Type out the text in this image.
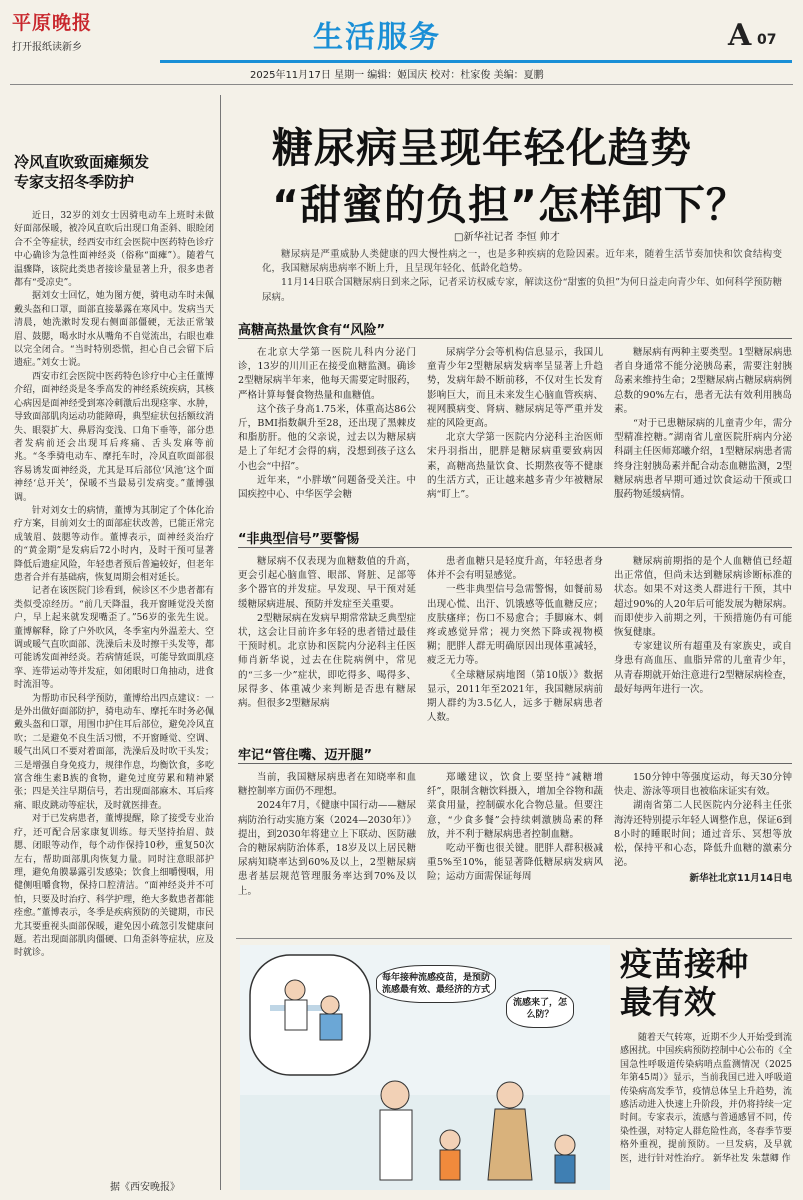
平原晚报
打开报纸读新乡	生活服务	A 07
2025年11月17日 星期一 编辑：姬国庆 校对：杜家俊 美编：夏鹏
冷风直吹致面瘫频发
专家支招冬季防护

近日，32岁的刘女士因骑电动车上班时未做好面部保暖，被冷风直吹后出现口角歪斜、眼睑闭合不全等症状，经西安市红会医院中医药特色诊疗中心确诊为急性面神经炎（俗称“面瘫”）。随着气温骤降，该院此类患者接诊量显著上升，很多患者都有“受凉史”。

据刘女士回忆，她为图方便，骑电动车时未佩戴头盔和口罩，面部直接暴露在寒风中。发病当天清晨，她洗漱时发现右侧面部僵硬，无法正常皱眉、鼓腮，喝水时水从嘴角不自觉流出，右眼也难以完全闭合。“当时特别恐慌，担心自己会留下后遗症。”刘女士说。

西安市红会医院中医药特色诊疗中心主任董博介绍，面神经炎是冬季高发的神经系统疾病，其核心病因是面神经受到寒冷刺激后出现痉挛、水肿，导致面部肌肉运动功能障碍，典型症状包括额纹消失、眼裂扩大、鼻唇沟变浅、口角下垂等，部分患者发病前还会出现耳后疼痛、舌头发麻等前兆。“冬季骑电动车、摩托车时，冷风直吹面部很容易诱发面神经炎，尤其是耳后部位‘风池’这个面神经‘总开关’，保暖不当最易引发病变。”董博强调。

针对刘女士的病情，董博为其制定了个体化治疗方案，目前刘女士的面部症状改善，已能正常完成皱眉、鼓腮等动作。董博表示，面神经炎治疗的“黄金期”是发病后72小时内，及时干预可显著降低后遗症风险，年轻患者预后普遍较好，但老年患者合并有基础病，恢复周期会相对延长。

记者在该医院门诊看到，候诊区不少患者都有类似受凉经历。“前几天降温，我开窗睡觉没关窗户，早上起来就发现嘴歪了。”56岁的张先生说。董博解释，除了户外吹风，冬季室内外温差大、空调或暖气直吹面部、洗澡后未及时擦干头发等，都可能诱发面神经炎。若病情延误，可能导致面肌痉挛、连带运动等并发症，如闭眼时口角抽动，进食时流泪等。

为帮助市民科学预防，董博给出四点建议：一是外出做好面部防护，骑电动车、摩托车时务必佩戴头盔和口罩，用围巾护住耳后部位，避免冷风直吹；二是避免不良生活习惯，不开窗睡觉、空调、暖气出风口不要对着面部，洗澡后及时吹干头发；三是增强自身免疫力，规律作息，均衡饮食，多吃富含维生素B族的食物，避免过度劳累和精神紧张；四是关注早期信号，若出现面部麻木、耳后疼痛、眼皮跳动等症状，及时就医排查。

对于已发病患者，董博提醒，除了接受专业治疗，还可配合居家康复训练。每天坚持抬眉、鼓腮、闭眼等动作，每个动作保持10秒，重复50次左右，帮助面部肌肉恢复力量。同时注意眼部护理，避免角膜暴露引发感染；饮食上细嚼慢咽，用健侧咀嚼食物，保持口腔清洁。“面神经炎并不可怕，只要及时治疗、科学护理，绝大多数患者都能痊愈。”董博表示，冬季是疾病预防的关键期，市民尤其要重视头面部保暖，避免因小疏忽引发健康问题。若出现面部肌肉僵硬、口角歪斜等症状，应及时就诊。

据《西安晚报》
糖尿病呈现年轻化趋势
“甜蜜的负担”怎样卸下？
□新华社记者 李恒 帅才

糖尿病是严重威胁人类健康的四大慢性病之一，也是多种疾病的危险因素。近年来，随着生活节奏加快和饮食结构变化，我国糖尿病患病率不断上升，且呈现年轻化、低龄化趋势。

11月14日联合国糖尿病日到来之际，记者采访权威专家，解读这份“甜蜜的负担”为何日益走向青少年、如何科学预防糖尿病。

高糖高热量饮食有“风险”

在北京大学第一医院儿科内分泌门诊，13岁的川川正在接受血糖监测。确诊2型糖尿病半年来，他每天需要定时服药，严格计算每餐食物热量和血糖值。

这个孩子身高1.75米，体重高达86公斤，BMI指数飙升至28，还出现了黑棘皮和脂肪肝。他的父亲说，过去以为糖尿病是上了年纪才会得的病，没想到孩子这么小也会“中招”。

近年来，“小胖墩”问题备受关注。中国疾控中心、中华医学会糖

尿病学分会等机构信息显示，我国儿童青少年2型糖尿病发病率呈显著上升趋势，发病年龄不断前移，不仅对生长发育影响巨大，而且未来发生心脑血管疾病、视网膜病变、肾病、糖尿病足等严重并发症的风险更高。

北京大学第一医院内分泌科主治医师宋丹羽指出，肥胖是糖尿病重要致病因素，高糖高热量饮食、长期熬夜等不健康的生活方式，正让越来越多青少年被糖尿病“盯上”。

糖尿病有两种主要类型。1型糖尿病患者自身通常不能分泌胰岛素，需要注射胰岛素来维持生命；2型糖尿病占糖尿病病例总数的90%左右，患者无法有效利用胰岛素。

“对于已患糖尿病的儿童青少年，需分型精准控糖。”湖南省儿童医院肝病内分泌科副主任医师郑曦介绍，1型糖尿病患者需终身注射胰岛素并配合动态血糖监测，2型糖尿病患者早期可通过饮食运动干预或口服药物延缓病情。

“非典型信号”要警惕

糖尿病不仅表现为血糖数值的升高，更会引起心脑血管、眼部、肾脏、足部等多个器官的并发症。早发现、早干预对延缓糖尿病进展、预防并发症至关重要。

2型糖尿病在发病早期常常缺乏典型症状，这会让目前许多年轻的患者错过最佳干预时机。北京协和医院内分泌科主任医师肖新华说，过去在住院病例中，常见的“三多一少”症状，即吃得多、喝得多、尿得多、体重减少来判断是否患有糖尿病。但很多2型糖尿病

患者血糖只是轻度升高，年轻患者身体并不会有明显感觉。

一些非典型信号急需警惕，如餐前易出现心慌、出汗、饥饿感等低血糖反应；皮肤瘙痒；伤口不易愈合；手脚麻木、刺疼或感觉异常；视力突然下降或视物模糊；肥胖人群无明确原因出现体重减轻，疲乏无力等。

《全球糖尿病地图（第10版）》数据显示，2011年至2021年，我国糖尿病前期人群约为3.5亿人，远多于糖尿病患者人数。

糖尿病前期指的是个人血糖值已经超出正常值，但尚未达到糖尿病诊断标准的状态。如果不对这类人群进行干预，其中超过90%的人20年后可能发展为糖尿病。而即使步入前期之列，干预措施仍有可能恢复健康。

专家建议所有超重及有家族史，或自身患有高血压、血脂异常的儿童青少年，从青春期就开始注意进行2型糖尿病检查，最好每两年进行一次。

牢记“管住嘴、迈开腿”

当前，我国糖尿病患者在知晓率和血糖控制率方面仍不理想。

2024年7月，《健康中国行动——糖尿病防治行动实施方案（2024—2030年）》提出，到2030年将建立上下联动、医防融合的糖尿病防治体系，18岁及以上居民糖尿病知晓率达到60%及以上，2型糖尿病患者基层规范管理服务率达到70%及以上。

郑曦建议，饮食上要坚持“减糖增纤”，限制含糖饮料摄入，增加全谷物和蔬菜食用量，控制碳水化合物总量。但要注意，“少食多餐”会持续刺激胰岛素的释放，并不利于糖尿病患者控制血糖。

吃动平衡也很关键。肥胖人群积极减重5%至10%，能显著降低糖尿病发病风险；运动方面需保证每周

150分钟中等强度运动，每天30分钟快走、游泳等项目也被临床证实有效。

湖南省第二人民医院内分泌科主任张海涛还特别提示年轻人调整作息，保证6到8小时的睡眠时间；通过音乐、冥想等放松，保持平和心态，降低升血糖的激素分泌。

新华社北京11月14日电

每年接种流感疫苗，是预防流感最有效、最经济的方式
流感来了，怎么防？
疫苗接种
最有效

随着天气转寒，近期不少人开始受到流感困扰。中国疾病预防控制中心公布的《全国急性呼吸道传染病哨点监测情况（2025年第45周）》显示，当前我国已进入呼吸道传染病高发季节，疫情总体呈上升趋势，流感活动进入快速上升阶段，并仍将持续一定时间。专家表示，流感与普通感冒不同，传染性强，对特定人群危险性高，冬春季节要格外重视，提前预防。一旦发病，及早就医，进行针对性治疗。 新华社发 朱慧卿 作
